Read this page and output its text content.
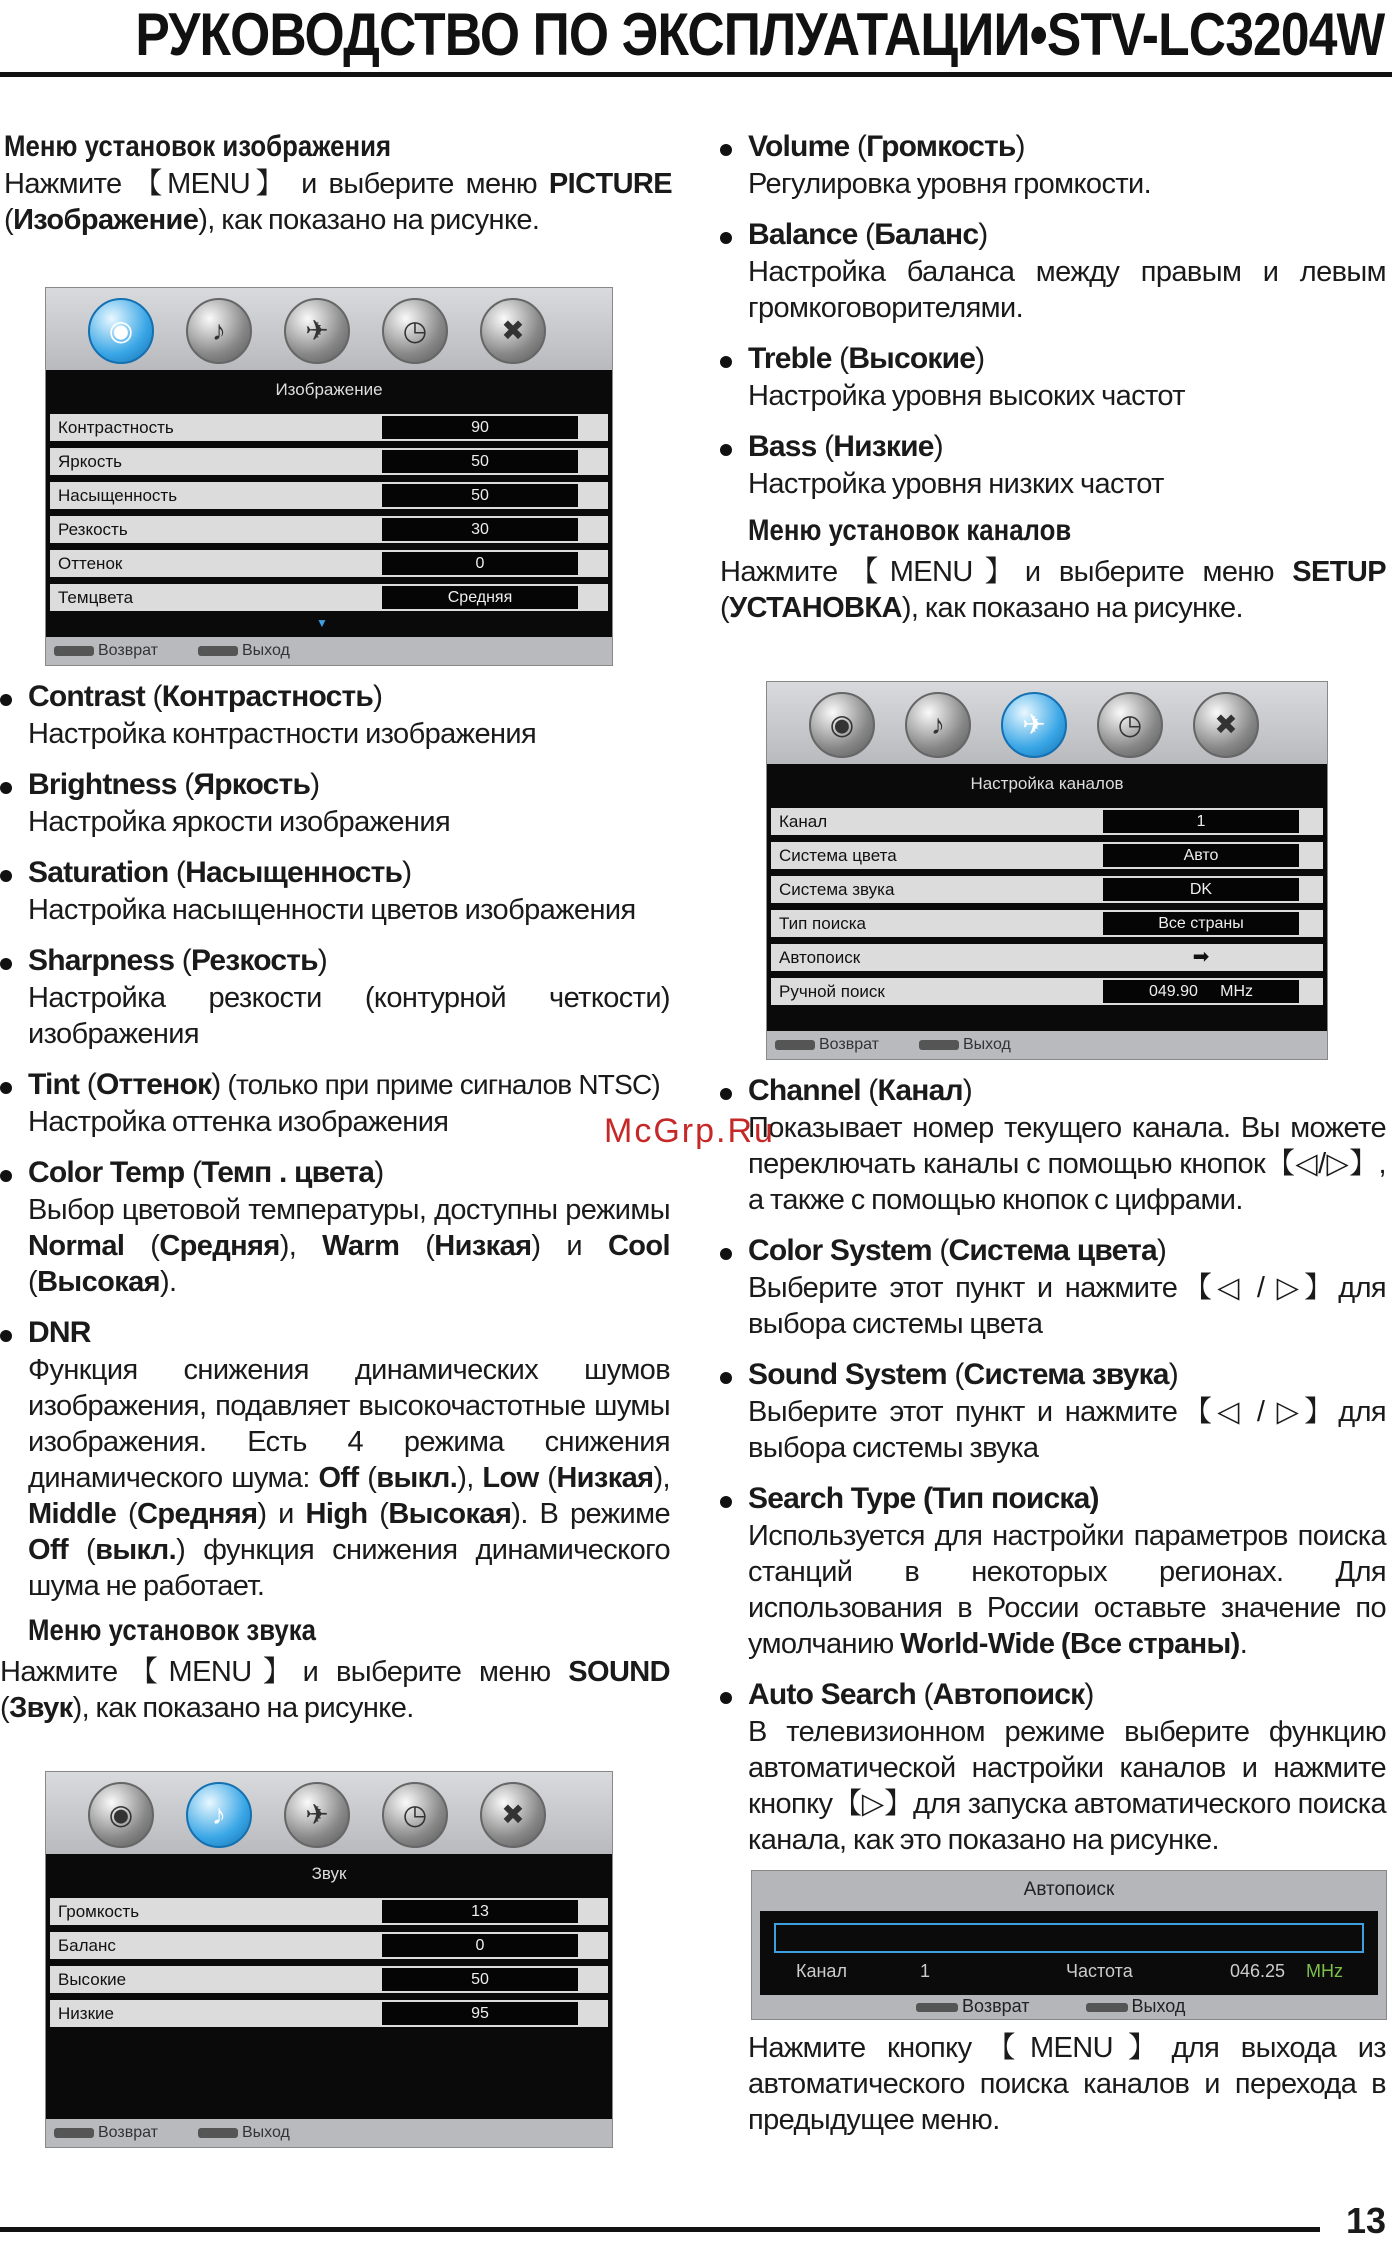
РУКОВОДСТВО ПО ЭКСПЛУАТАЦИИ•STV-LC3204W
Меню установок изображения

Нажмите 【MENU】 и выберите меню PICTURE (Изображение), как показано на рисунке.

◉	♪	✈	◷	✖
Изображение
Контрастность	90
Яркость	50
Насыщенность	50
Резкость	30
Оттенок	0
Темцвета	Средняя
▼
Возврат	Выход
Contrast (Контрастность)
Настройка контрастности изображения
Brightness (Яркость)
Настройка яркости изображения
Saturation (Насыщенность)
Настройка насыщенности цветов изображения
Sharpness (Резкость)
Настройка резкости (контурной четкости) изображения
Tint (Оттенок) (только при приме сигналов NTSC)
Настройка оттенка изображения
Color Temp (Темп . цвета)
Выбор цветовой температуры, доступны режимы Normal (Средняя), Warm (Низкая) и Cool (Высокая).
DNR
Функция снижения динамических шумов изображения, подавляет высокочастотные шумы изображения. Есть 4 режима снижения динамического шума: Off (выкл.), Low (Низкая), Middle (Средняя) и High (Высокая). В режиме Off (выкл.) функция снижения динамического шума не работает.
Меню установок звука

Нажмите【MENU】и выберите меню SOUND (Звук), как показано на рисунке.

◉	♪	✈	◷	✖
Звук
Громкость	13
Баланс	0
Высокие	50
Низкие	95
Возврат	Выход
Volume (Громкость)
Регулировка уровня громкости.
Balance (Баланс)
Настройка баланса между правым и левым громкоговорителями.
Treble (Высокие)
Настройка уровня высоких частот
Bass (Низкие)
Настройка уровня низких частот
Меню установок каналов

Нажмите【MENU】и выберите меню SETUP (УСТАНОВКА), как показано на рисунке.

◉	♪	✈	◷	✖
Настройка каналов
Канал	1
Система цвета	Авто
Система звука	DK
Тип поиска	Все страны
Автопоиск	➡
Ручной поиск	049.90     MHz
Возврат	Выход
Channel (Канал)
Показывает номер текущего канала. Вы можете переключать каналы с помощью кнопок【◁/▷】, а также с помощью кнопок с цифрами.
Color System (Система цвета)
Выберите этот пункт и нажмите【◁ / ▷】для выбора системы цвета
Sound System (Система звука)
Выберите этот пункт и нажмите【◁ / ▷】для выбора системы звука
Search Type (Тип поиска)
Используется для настройки параметров поиска станций в некоторых регионах. Для использования в России оставьте значение по умолчанию World-Wide (Все страны).
Auto Search (Автопоиск)
В телевизионном режиме выберите функцию автоматической настройки каналов и нажмите кнопку【▷】для запуска автоматического поиска канала, как это показано на рисунке.
Автопоиск
Канал	1	Частота	046.25 MHz
Возврат	Выход

Нажмите кнопку【MENU】для выхода из автоматического поиска каналов и перехода в предыдущее меню.

McGrp.Ru
13
